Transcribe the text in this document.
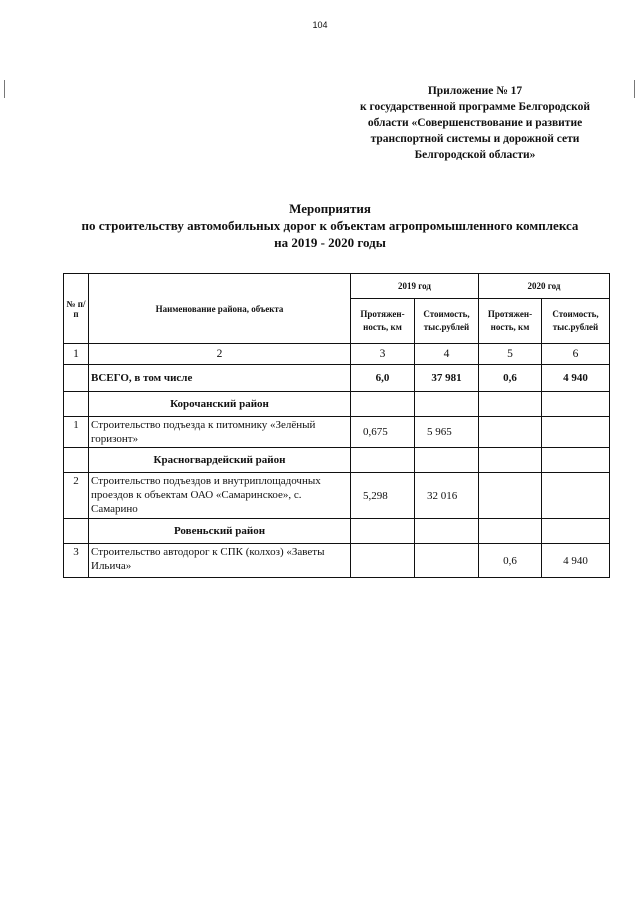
104
Приложение № 17
к государственной программе Белгородской
области «Совершенствование и развитие
транспортной системы и дорожной сети
Белгородской области»
Мероприятия
по строительству автомобильных дорог к объектам агропромышленного комплекса
на 2019 - 2020 годы
№ п/п	Наименование района, объекта	2019 год		2020 год	
		Протяжен-ность, км	Стоимость, тыс.рублей	Протяжен-ность, км	Стоимость, тыс.рублей
1	2	3	4	5	6
	ВСЕГО, в том числе	6,0	37 981	0,6	4 940
	Корочанский район				
1	Строительство подъезда к питомнику «Зелёный горизонт»	0,675	5 965		
	Красногвардейский район				
2	Строительство подъездов и внутриплощадочных проездов к объектам ОАО «Самаринское», с. Самарино	5,298	32 016		
	Ровеньский район				
3	Строительство автодорог к СПК (колхоз) «Заветы Ильича»			0,6	4 940
